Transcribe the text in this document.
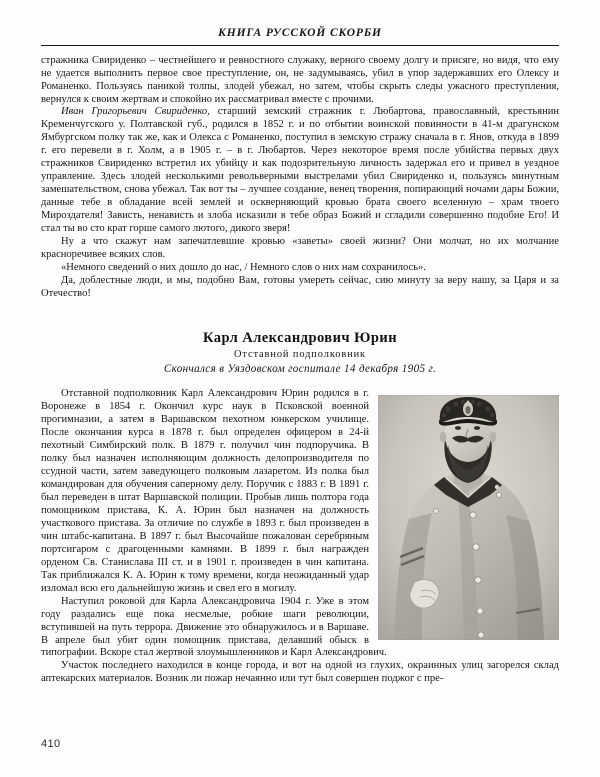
КНИГА РУССКОЙ СКОРБИ

стражника Свириденко – честнейшего и ревностного служаку, верного своему долгу и присяге, но видя, что ему не удается выполнить первое свое преступление, он, не задумываясь, убил в упор задержавших его Олексу и Романенко. Пользуясь паникой толпы, злодей убежал, но затем, чтобы скрыть следы ужасного преступления, вернулся к своим жертвам и спокойно их рассматривал вместе с прочими.

Иван Григорьевич Свириденко, старший земский стражник г. Любартова, православный, крестьянин Кременчугского у. Полтавской губ., родился в 1852 г. и по отбытии воинской повинности в 41-м драгунском Ямбургском полку так же, как и Олекса с Романенко, поступил в земскую стражу сначала в г. Янов, откуда в 1899 г. его перевели в г. Холм, а в 1905 г. – в г. Любартов. Через некоторое время после убийства первых двух стражников Свириденко встретил их убийцу и как подозрительную личность задержал его и привел в уездное управление. Здесь злодей несколькими револьверными выстрелами убил Свириденко и, пользуясь минутным замешательством, снова убежал. Так вот ты – лучшее создание, венец творения, попирающий ночами дары Божии, данные тебе в обладание всей землей и оскверняющий кровью брата своего вселенную – храм твоего Мироздателя! Зависть, ненависть и злоба исказили в тебе образ Божий и сгладили совершенно подобие Его! И стал ты во сто крат горше самого лютого, дикого зверя!

Ну а что скажут нам запечатлевшие кровью «заветы» своей жизни? Они молчат, но их молчание красноречивее всяких слов.

«Немного сведений о них дошло до нас, / Немного слов о них нам сохранилось».

Да, доблестные люди, и мы, подобно Вам, готовы умереть сейчас, сию минуту за веру нашу, за Царя и за Отечество!

Карл Александрович Юрин
Отставной подполковник
Скончался в Уяздовском госпитале 14 декабря 1905 г.

Отставной подполковник Карл Александрович Юрин родился в г. Воронеже в 1854 г. Окончил курс наук в Псковской военной прогимназии, а затем в Варшавском пехотном юнкерском училище. После окончания курса в 1878 г. был определен офицером в 24-й пехотный Симбирский полк. В 1879 г. получил чин подпоручика. В полку был назначен исполняющим должность делопроизводителя по ссудной части, затем заведующего полковым лазаретом. Из полка был командирован для обучения саперному делу. Поручик с 1883 г. В 1891 г. был переведен в штат Варшавской полиции. Пробыв лишь полтора года помощником пристава, К. А. Юрин был назначен на должность участкового пристава. За отличие по службе в 1893 г. был произведен в чин штабс-капитана. В 1897 г. был Высочайше пожалован серебряным портсигаром с драгоценными камнями. В 1899 г. был награжден орденом Св. Станислава III ст. и в 1901 г. произведен в чин капитана. Так приближался К. А. Юрин к тому времени, когда неожиданный удар изломал всю его дальнейшую жизнь и свел его в могилу.

Наступил роковой для Карла Александровича 1904 г. Уже в этом году раздались еще пока несмелые, робкие шаги революции, вступившей на путь террора. Движение это обнаружилось и в Варшаве. В апреле был убит один помощник пристава, делавший обыск в типографии. Вскоре стал жертвой злоумышленников и Карл Александрович.

Участок последнего находился в конце города, и вот на одной из глухих, окраинных улиц загорелся склад аптекарских материалов. Возник ли пожар нечаянно или тут был совершен поджог с пре-

410
